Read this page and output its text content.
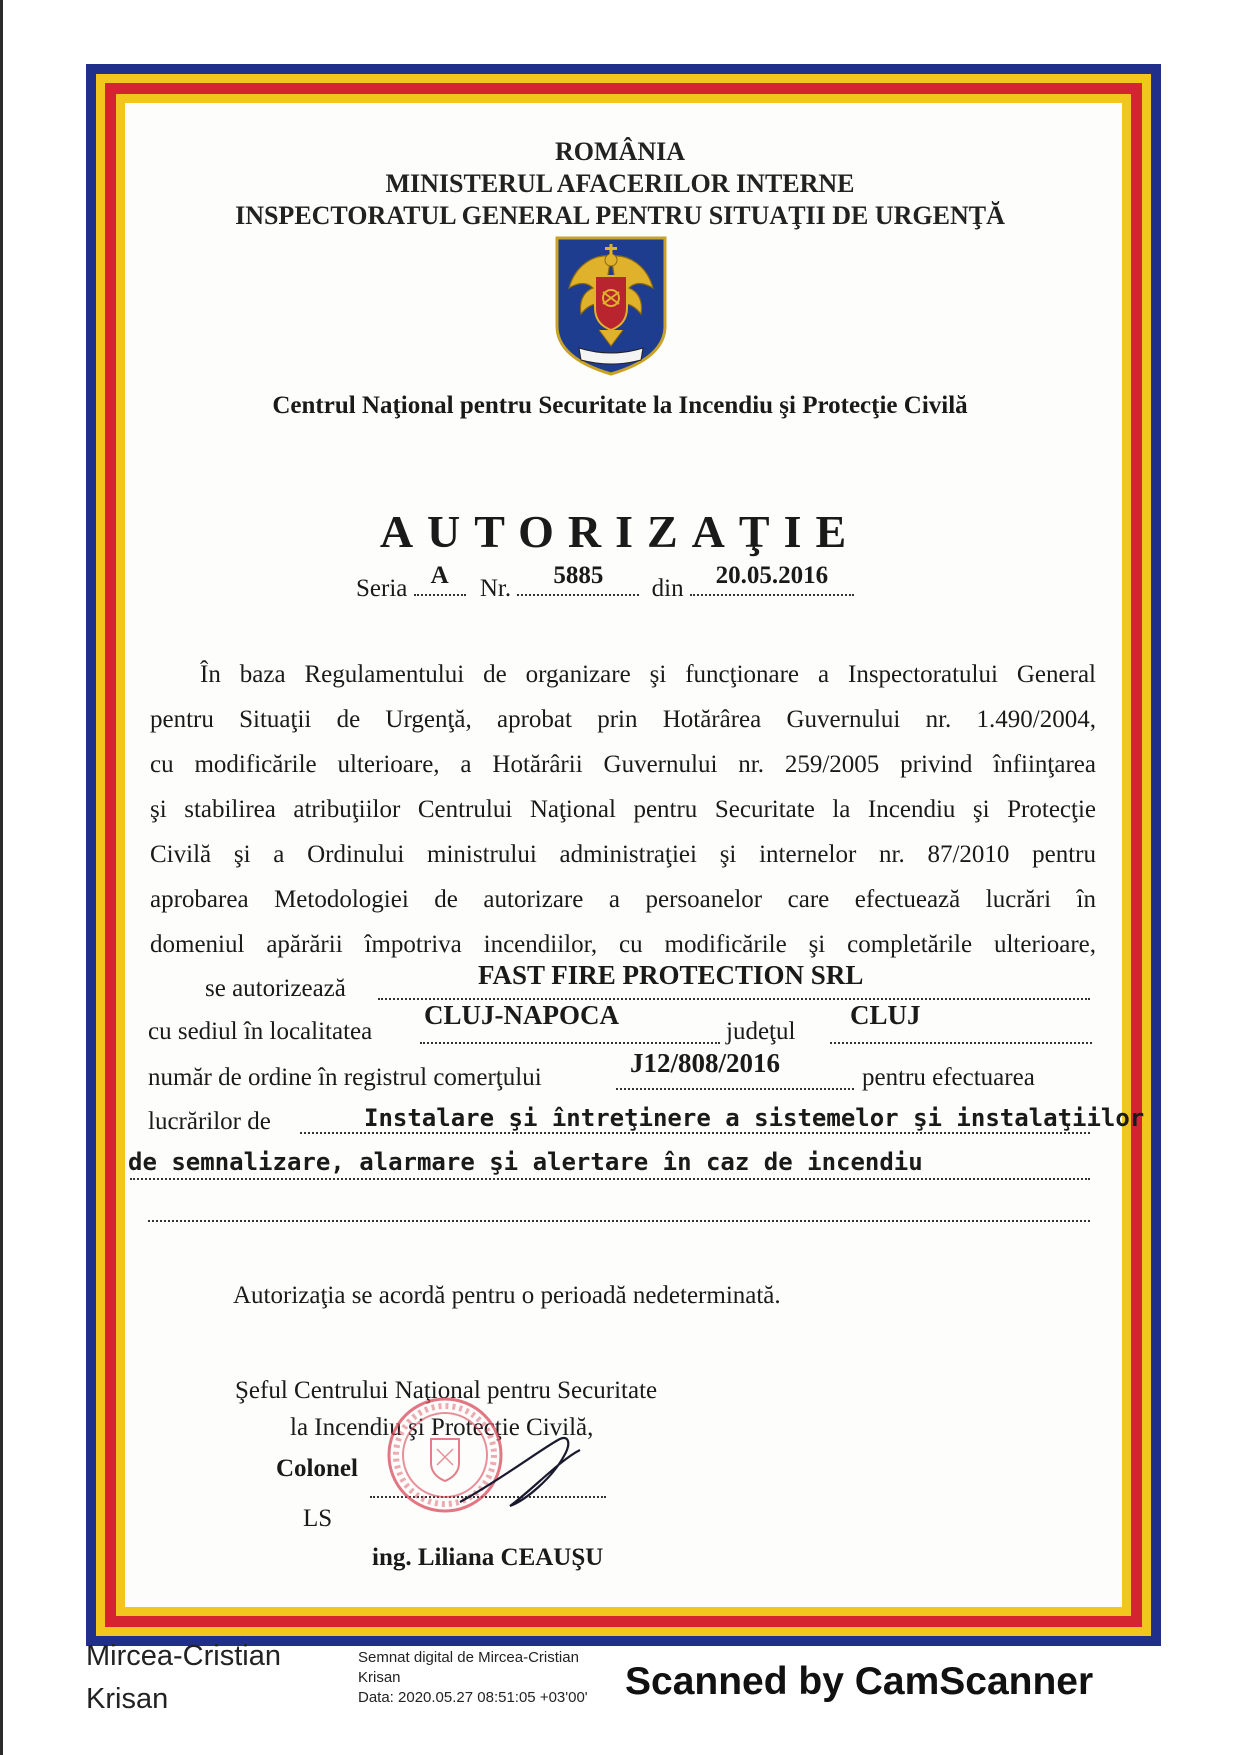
ROMÂNIA
MINISTERUL AFACERILOR INTERNE
INSPECTORATUL GENERAL PENTRU SITUAŢII DE URGENŢĂ
Centrul Naţional pentru Securitate la Incendiu şi Protecţie Civilă
AUTORIZAŢIE
Seria A	Nr.	5885	din	20.05.2016
În baza Regulamentului de organizare şi funcţionare a Inspectoratului General
pentru Situaţii de Urgenţă, aprobat prin Hotărârea Guvernului nr. 1.490/2004,
cu modificările ulterioare, a Hotărârii Guvernului nr. 259/2005 privind înfiinţarea
şi stabilirea atribuţiilor Centrului Naţional pentru Securitate la Incendiu şi Protecţie
Civilă şi a Ordinului ministrului administraţiei şi internelor nr. 87/2010 pentru
aprobarea Metodologiei de autorizare a persoanelor care efectuează lucrări în
domeniul apărării împotriva incendiilor, cu modificările şi completările ulterioare,
se autorizează	FAST FIRE PROTECTION SRL
cu sediul în localitatea
CLUJ-NAPOCA
judeţul
CLUJ
număr de ordine în registrul comerţului	J12/808/2016	pentru efectuarea
lucrărilor de	Instalare şi întreţinere a sistemelor şi instalaţiilor
de semnalizare, alarmare şi alertare în caz de incendiu
Autorizaţia se acordă pentru o perioadă nedeterminată.
Şeful Centrului Naţional pentru Securitate
la Incendiu şi Protecţie Civilă,
Colonel
LS
ing. Liliana CEAUŞU
Mircea-Cristian
Krisan
Semnat digital de Mircea-Cristian
Krisan
Data: 2020.05.27 08:51:05 +03'00' Scanned by CamScanner
